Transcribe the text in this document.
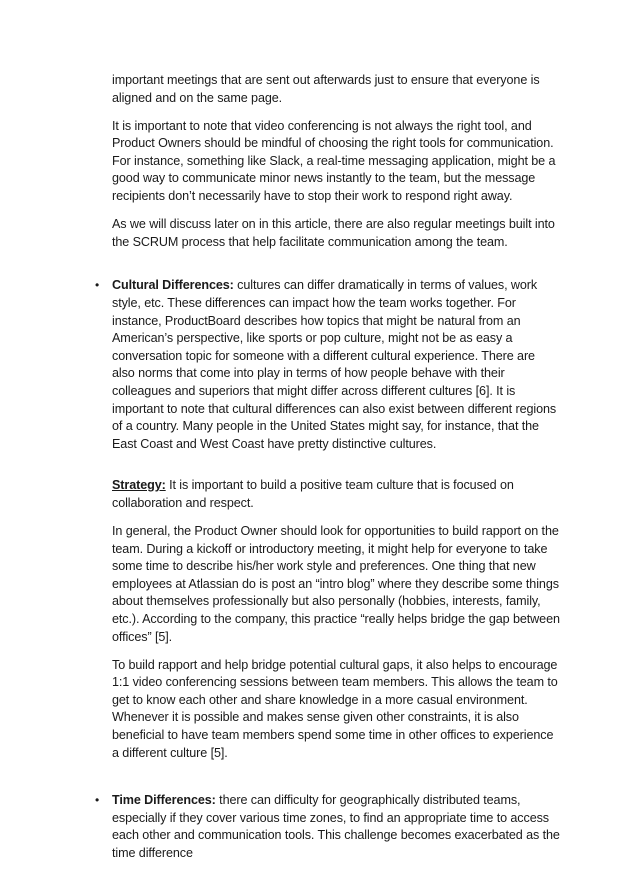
important meetings that are sent out afterwards just to ensure that everyone is aligned and on the same page.

It is important to note that video conferencing is not always the right tool, and Product Owners should be mindful of choosing the right tools for communication. For instance, something like Slack, a real-time messaging application, might be a good way to communicate minor news instantly to the team, but the message recipients don’t necessarily have to stop their work to respond right away.

As we will discuss later on in this article, there are also regular meetings built into the SCRUM process that help facilitate communication among the team.

• Cultural Differences: cultures can differ dramatically in terms of values, work style, etc. These differences can impact how the team works together. For instance, ProductBoard describes how topics that might be natural from an American’s perspective, like sports or pop culture, might not be as easy a conversation topic for someone with a different cultural experience. There are also norms that come into play in terms of how people behave with their colleagues and superiors that might differ across different cultures [6]. It is important to note that cultural differences can also exist between different regions of a country. Many people in the United States might say, for instance, that the East Coast and West Coast have pretty distinctive cultures.

Strategy: It is important to build a positive team culture that is focused on collaboration and respect.

In general, the Product Owner should look for opportunities to build rapport on the team. During a kickoff or introductory meeting, it might help for everyone to take some time to describe his/her work style and preferences. One thing that new employees at Atlassian do is post an “intro blog” where they describe some things about themselves professionally but also personally (hobbies, interests, family, etc.). According to the company, this practice “really helps bridge the gap between offices” [5].

To build rapport and help bridge potential cultural gaps, it also helps to encourage 1:1 video conferencing sessions between team members. This allows the team to get to know each other and share knowledge in a more casual environment. Whenever it is possible and makes sense given other constraints, it is also beneficial to have team members spend some time in other offices to experience a different culture [5].

• Time Differences: there can difficulty for geographically distributed teams, especially if they cover various time zones, to find an appropriate time to access each other and communication tools. This challenge becomes exacerbated as the time difference
